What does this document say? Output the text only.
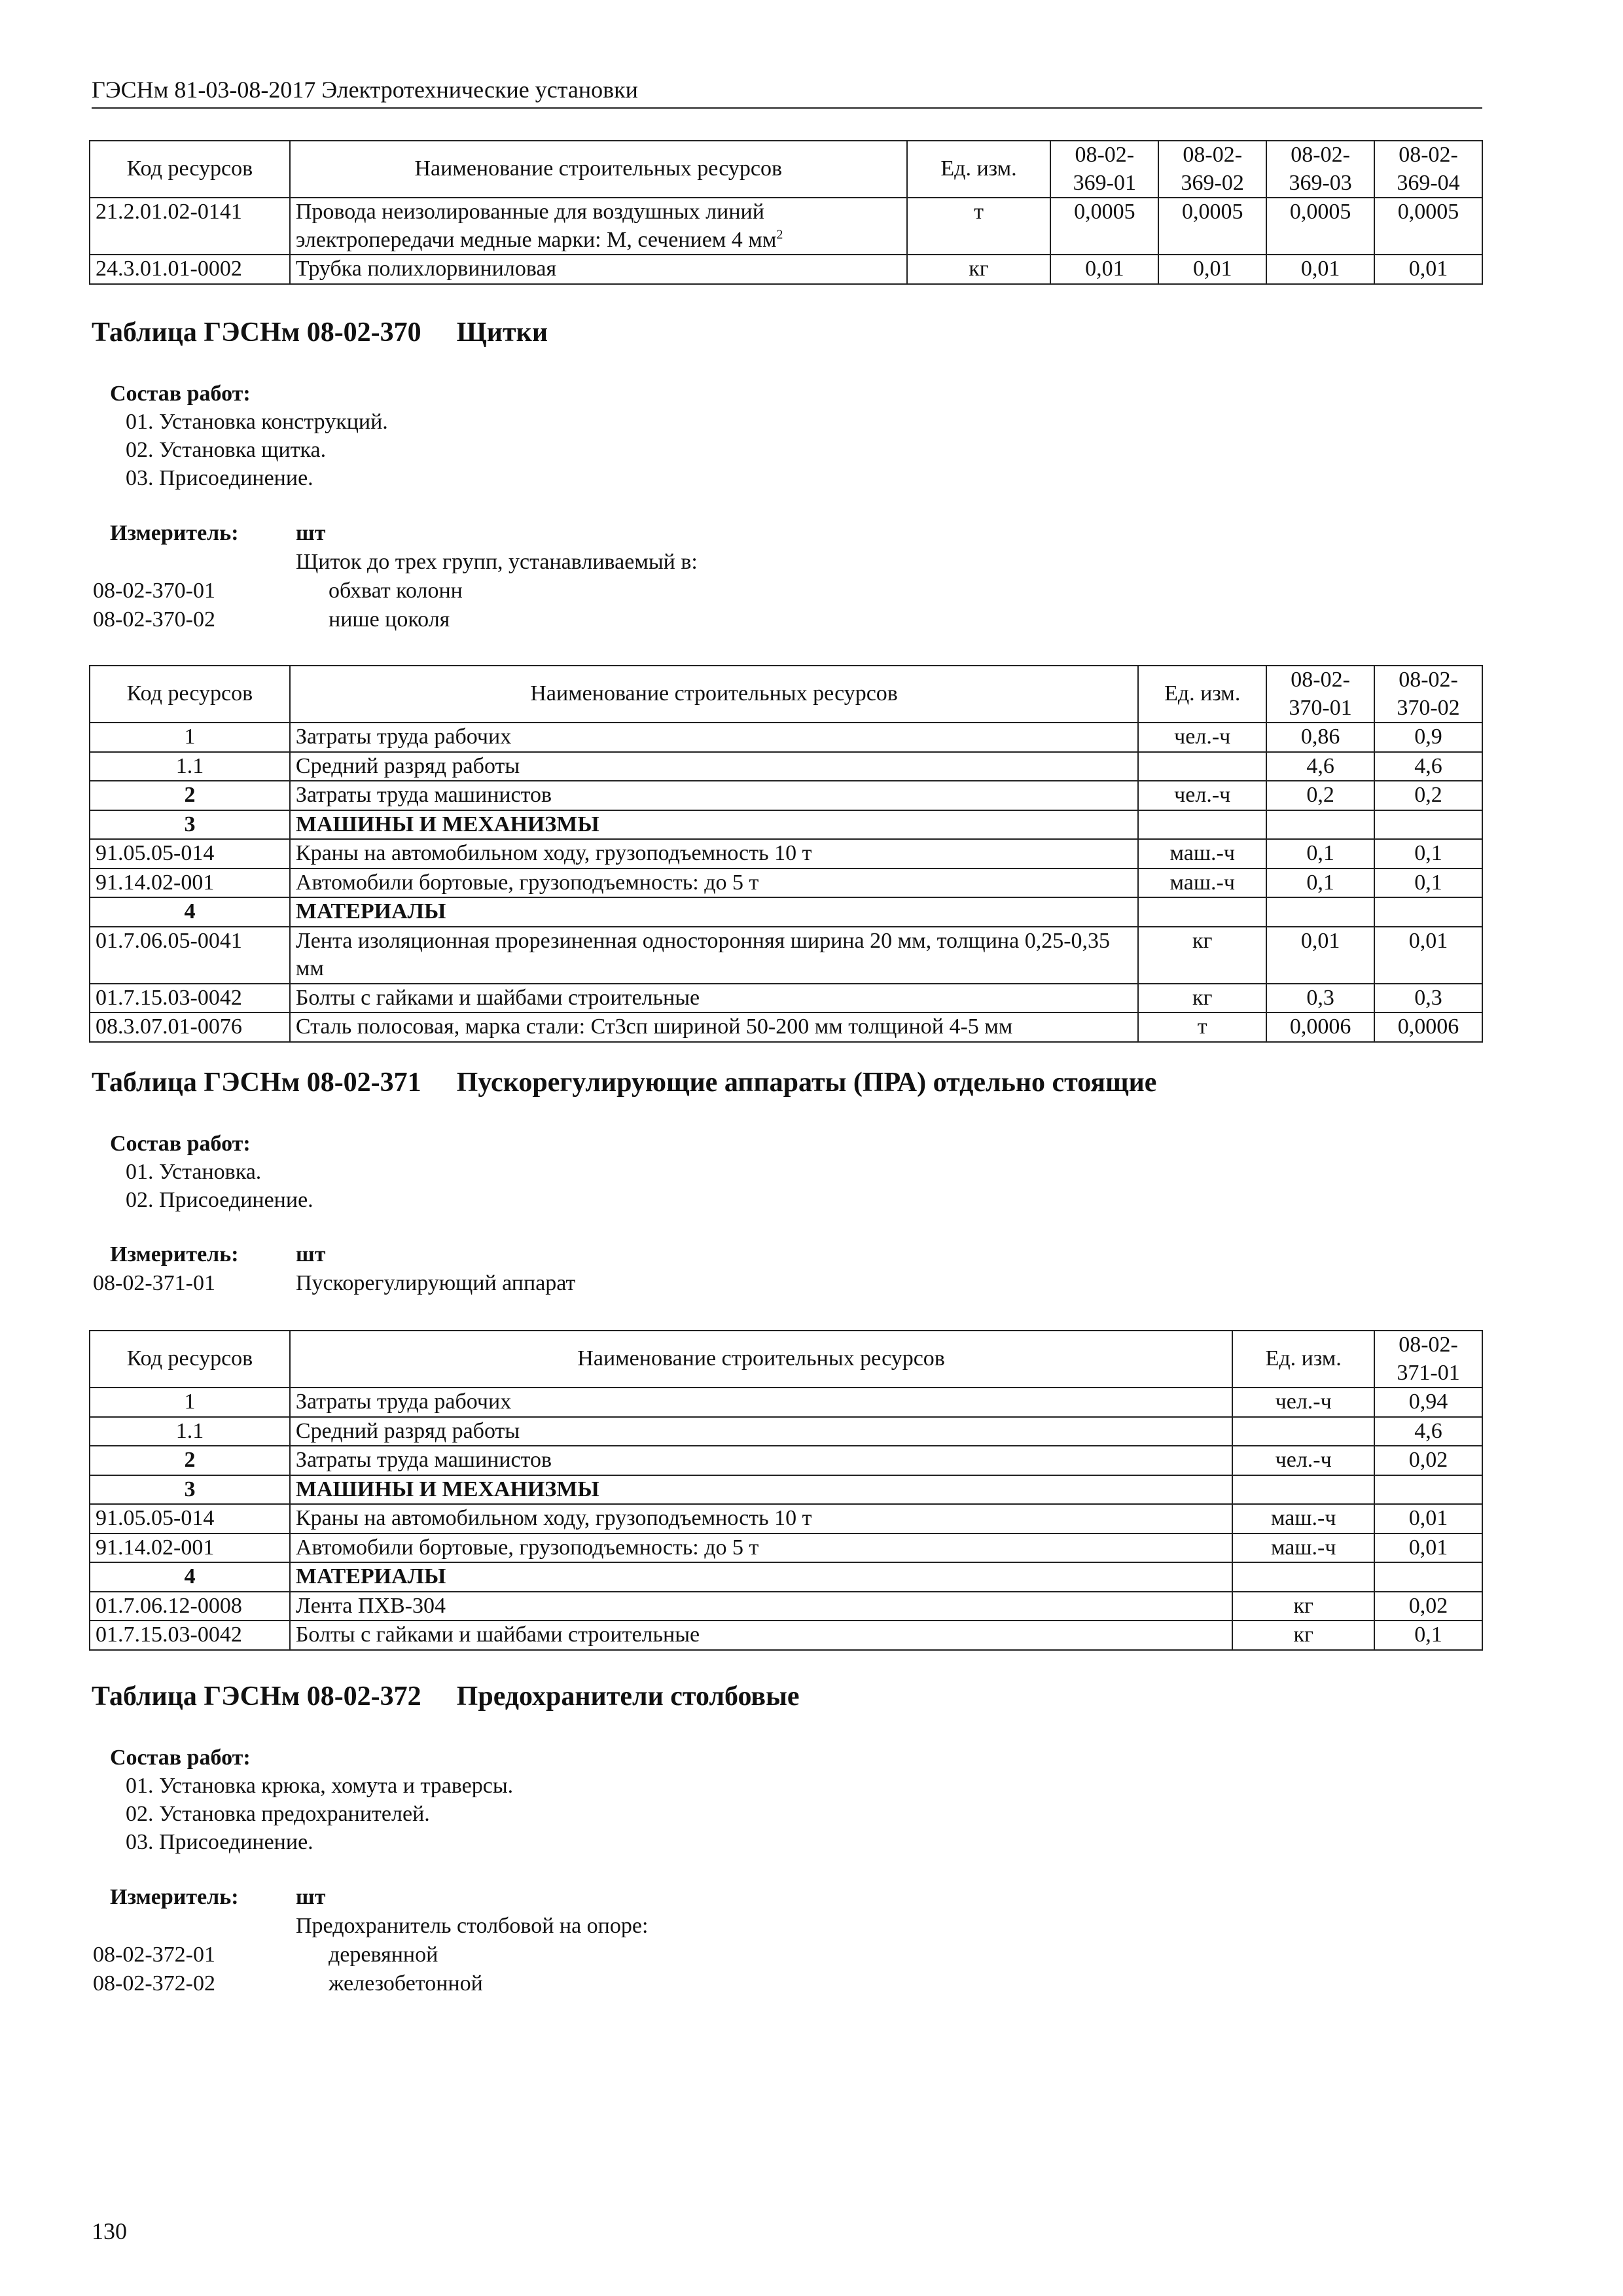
ГЭСНм 81-03-08-2017 Электротехнические установки
Код ресурсов	Наименование строительных ресурсов	Ед. изм.	08-02-369-01	08-02-369-02	08-02-369-03	08-02-369-04
21.2.01.02-0141	Провода неизолированные для воздушных линий электропередачи медные марки: М, сечением 4 $мм^2$	т	0,0005	0,0005	0,0005	0,0005
24.3.01.01-0002	Трубка полихлорвиниловая	кг	0,01	0,01	0,01	0,01
Таблица ГЭСНм 08-02-370 Щитки
Состав работ:
01. Установка конструкций.
02. Установка щитка.
03. Присоединение.
Измеритель:	шт
Щиток до трех групп, устанавливаемый в:
08-02-370-01	обхват колонн
08-02-370-02	нише цоколя
Код ресурсов	Наименование строительных ресурсов	Ед. изм.	08-02-370-01	08-02-370-02
1	Затраты труда рабочих	чел.-ч	0,86	0,9
1.1	Средний разряд работы		4,6	4,6
2	Затраты труда машинистов	чел.-ч	0,2	0,2
3	МАШИНЫ И МЕХАНИЗМЫ			
91.05.05-014	Краны на автомобильном ходу, грузоподъемность 10 т	маш.-ч	0,1	0,1
91.14.02-001	Автомобили бортовые, грузоподъемность: до 5 т	маш.-ч	0,1	0,1
4	МАТЕРИАЛЫ			
01.7.06.05-0041	Лента изоляционная прорезиненная односторонняя ширина 20 мм, толщина 0,25-0,35 мм	кг	0,01	0,01
01.7.15.03-0042	Болты с гайками и шайбами строительные	кг	0,3	0,3
08.3.07.01-0076	Сталь полосовая, марка стали: Ст3сп шириной 50-200 мм толщиной 4-5 мм	т	0,0006	0,0006
Таблица ГЭСНм 08-02-371 Пускорегулирующие аппараты (ПРА) отдельно стоящие
Состав работ:
01. Установка.
02. Присоединение.
Измеритель:	шт
08-02-371-01	Пускорегулирующий аппарат
Код ресурсов	Наименование строительных ресурсов	Ед. изм.	08-02-371-01
1	Затраты труда рабочих	чел.-ч	0,94
1.1	Средний разряд работы		4,6
2	Затраты труда машинистов	чел.-ч	0,02
3	МАШИНЫ И МЕХАНИЗМЫ		
91.05.05-014	Краны на автомобильном ходу, грузоподъемность 10 т	маш.-ч	0,01
91.14.02-001	Автомобили бортовые, грузоподъемность: до 5 т	маш.-ч	0,01
4	МАТЕРИАЛЫ		
01.7.06.12-0008	Лента ПХВ-304	кг	0,02
01.7.15.03-0042	Болты с гайками и шайбами строительные	кг	0,1
Таблица ГЭСНм 08-02-372 Предохранители столбовые
Состав работ:
01. Установка крюка, хомута и траверсы.
02. Установка предохранителей.
03. Присоединение.
Измеритель:	шт
Предохранитель столбовой на опоре:
08-02-372-01	деревянной
08-02-372-02	железобетонной
130
